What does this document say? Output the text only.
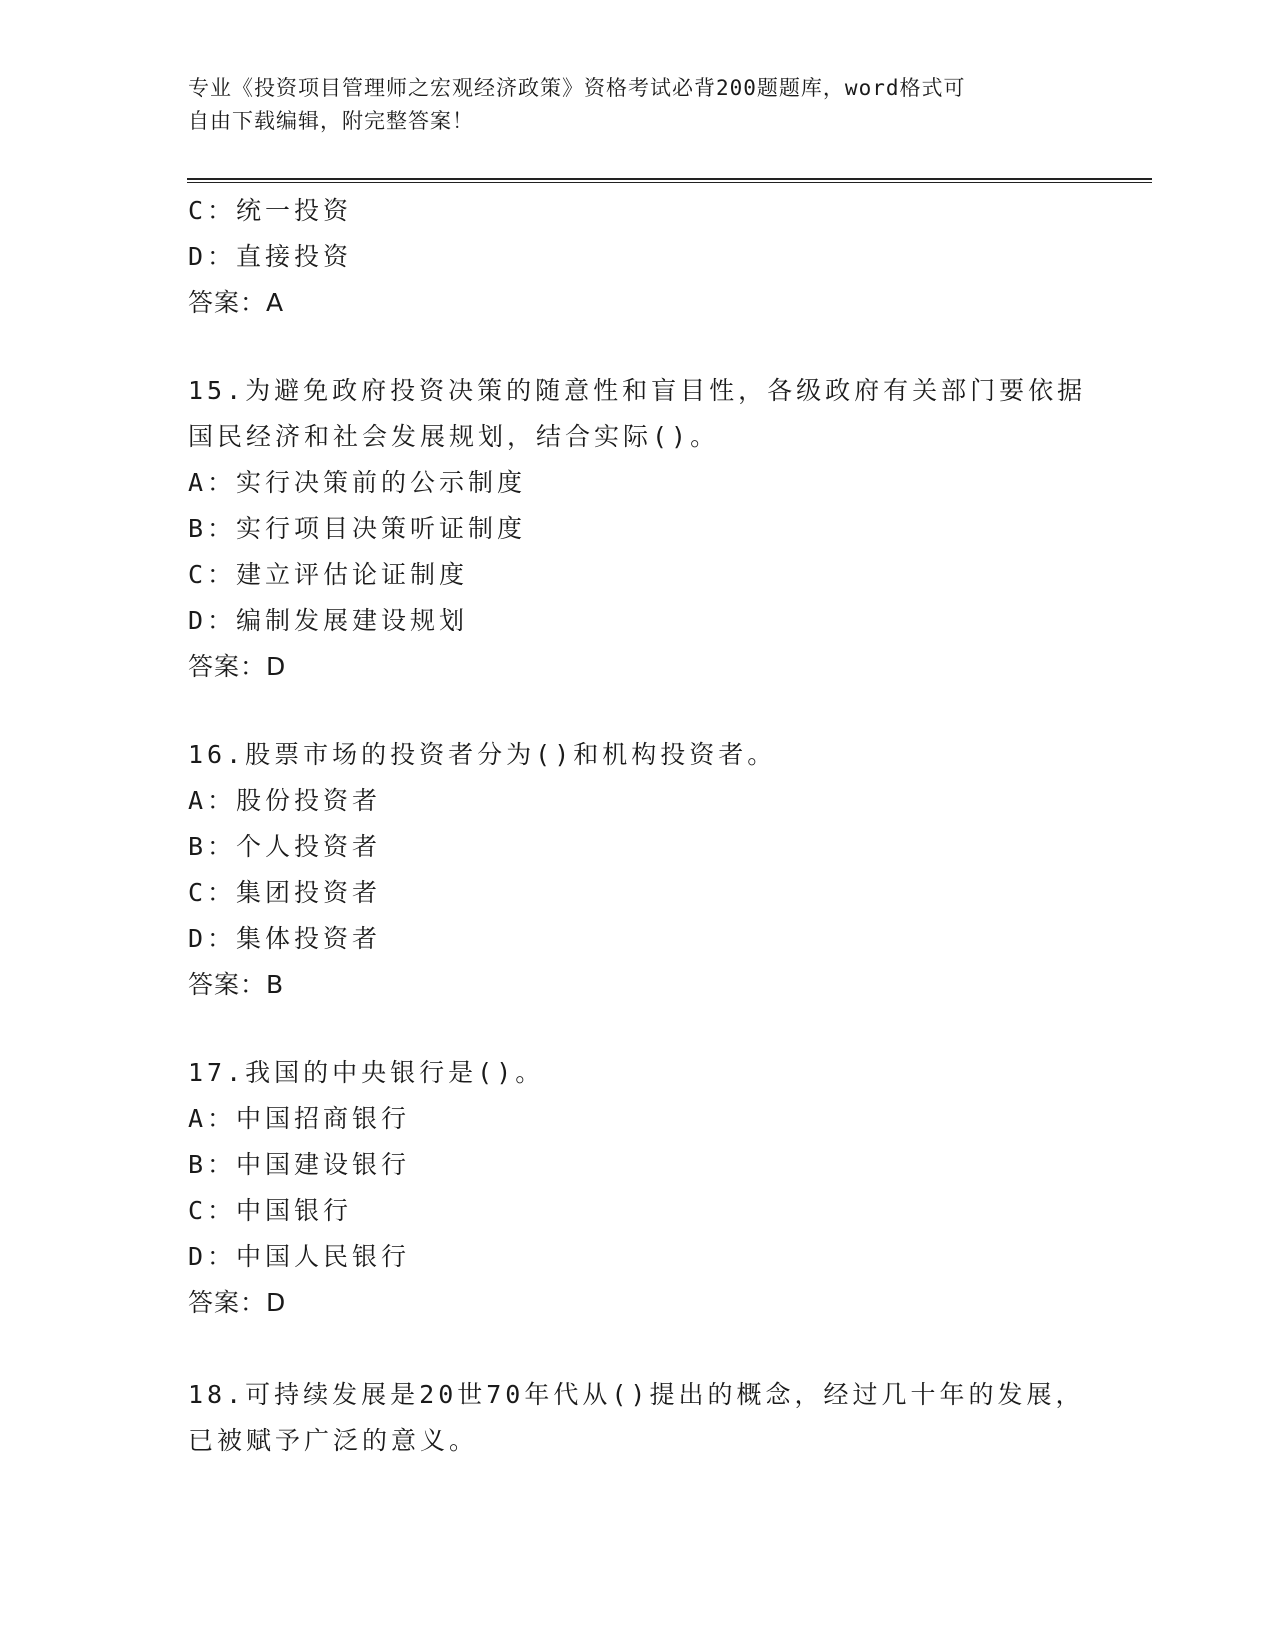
专业《投资项目管理师之宏观经济政策》资格考试必背200题题库，word格式可
自由下载编辑，附完整答案！
C：统一投资
D：直接投资
答案：A
15.为避免政府投资决策的随意性和盲目性，各级政府有关部门要依据
国民经济和社会发展规划，结合实际()。
A：实行决策前的公示制度
B：实行项目决策听证制度
C：建立评估论证制度
D：编制发展建设规划
答案：D
16.股票市场的投资者分为()和机构投资者。
A：股份投资者
B：个人投资者
C：集团投资者
D：集体投资者
答案：B
17.我国的中央银行是()。
A：中国招商银行
B：中国建设银行
C：中国银行
D：中国人民银行
答案：D
18.可持续发展是20世70年代从()提出的概念，经过几十年的发展，
已被赋予广泛的意义。
